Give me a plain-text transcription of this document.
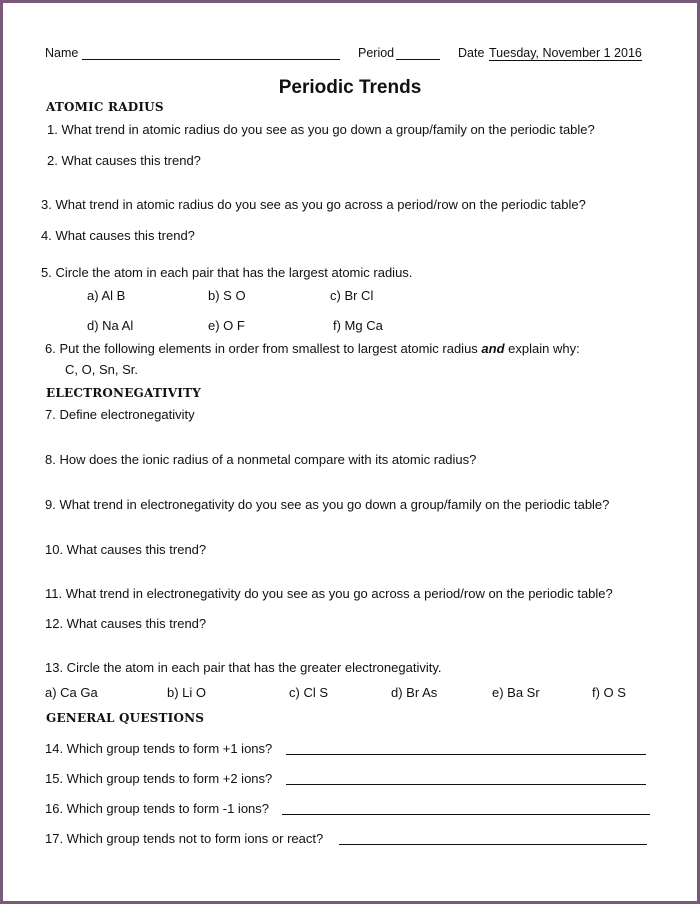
Name	Period	Date Tuesday, November 1 2016
Periodic Trends
ATOMIC RADIUS
1. What trend in atomic radius do you see as you go down a group/family on the periodic table?
2. What causes this trend?
3. What trend in atomic radius do you see as you go across a period/row on the periodic table?
4. What causes this trend?
5. Circle the atom in each pair that has the largest atomic radius.
a) Al B	b) S O	c) Br Cl
d) Na Al	e) O F	f) Mg Ca
6. Put the following elements in order from smallest to largest atomic radius and explain why:
C, O, Sn, Sr.
ELECTRONEGATIVITY
7. Define electronegativity
8. How does the ionic radius of a nonmetal compare with its atomic radius?
9. What trend in electronegativity do you see as you go down a group/family on the periodic table?
10. What causes this trend?
11. What trend in electronegativity do you see as you go across a period/row on the periodic table?
12. What causes this trend?
13. Circle the atom in each pair that has the greater electronegativity.
a) Ca Ga	b) Li O	c) Cl S	d) Br As	e) Ba Sr	f) O S
GENERAL QUESTIONS
14. Which group tends to form +1 ions?
15. Which group tends to form +2 ions?
16. Which group tends to form -1 ions?
17. Which group tends not to form ions or react?
